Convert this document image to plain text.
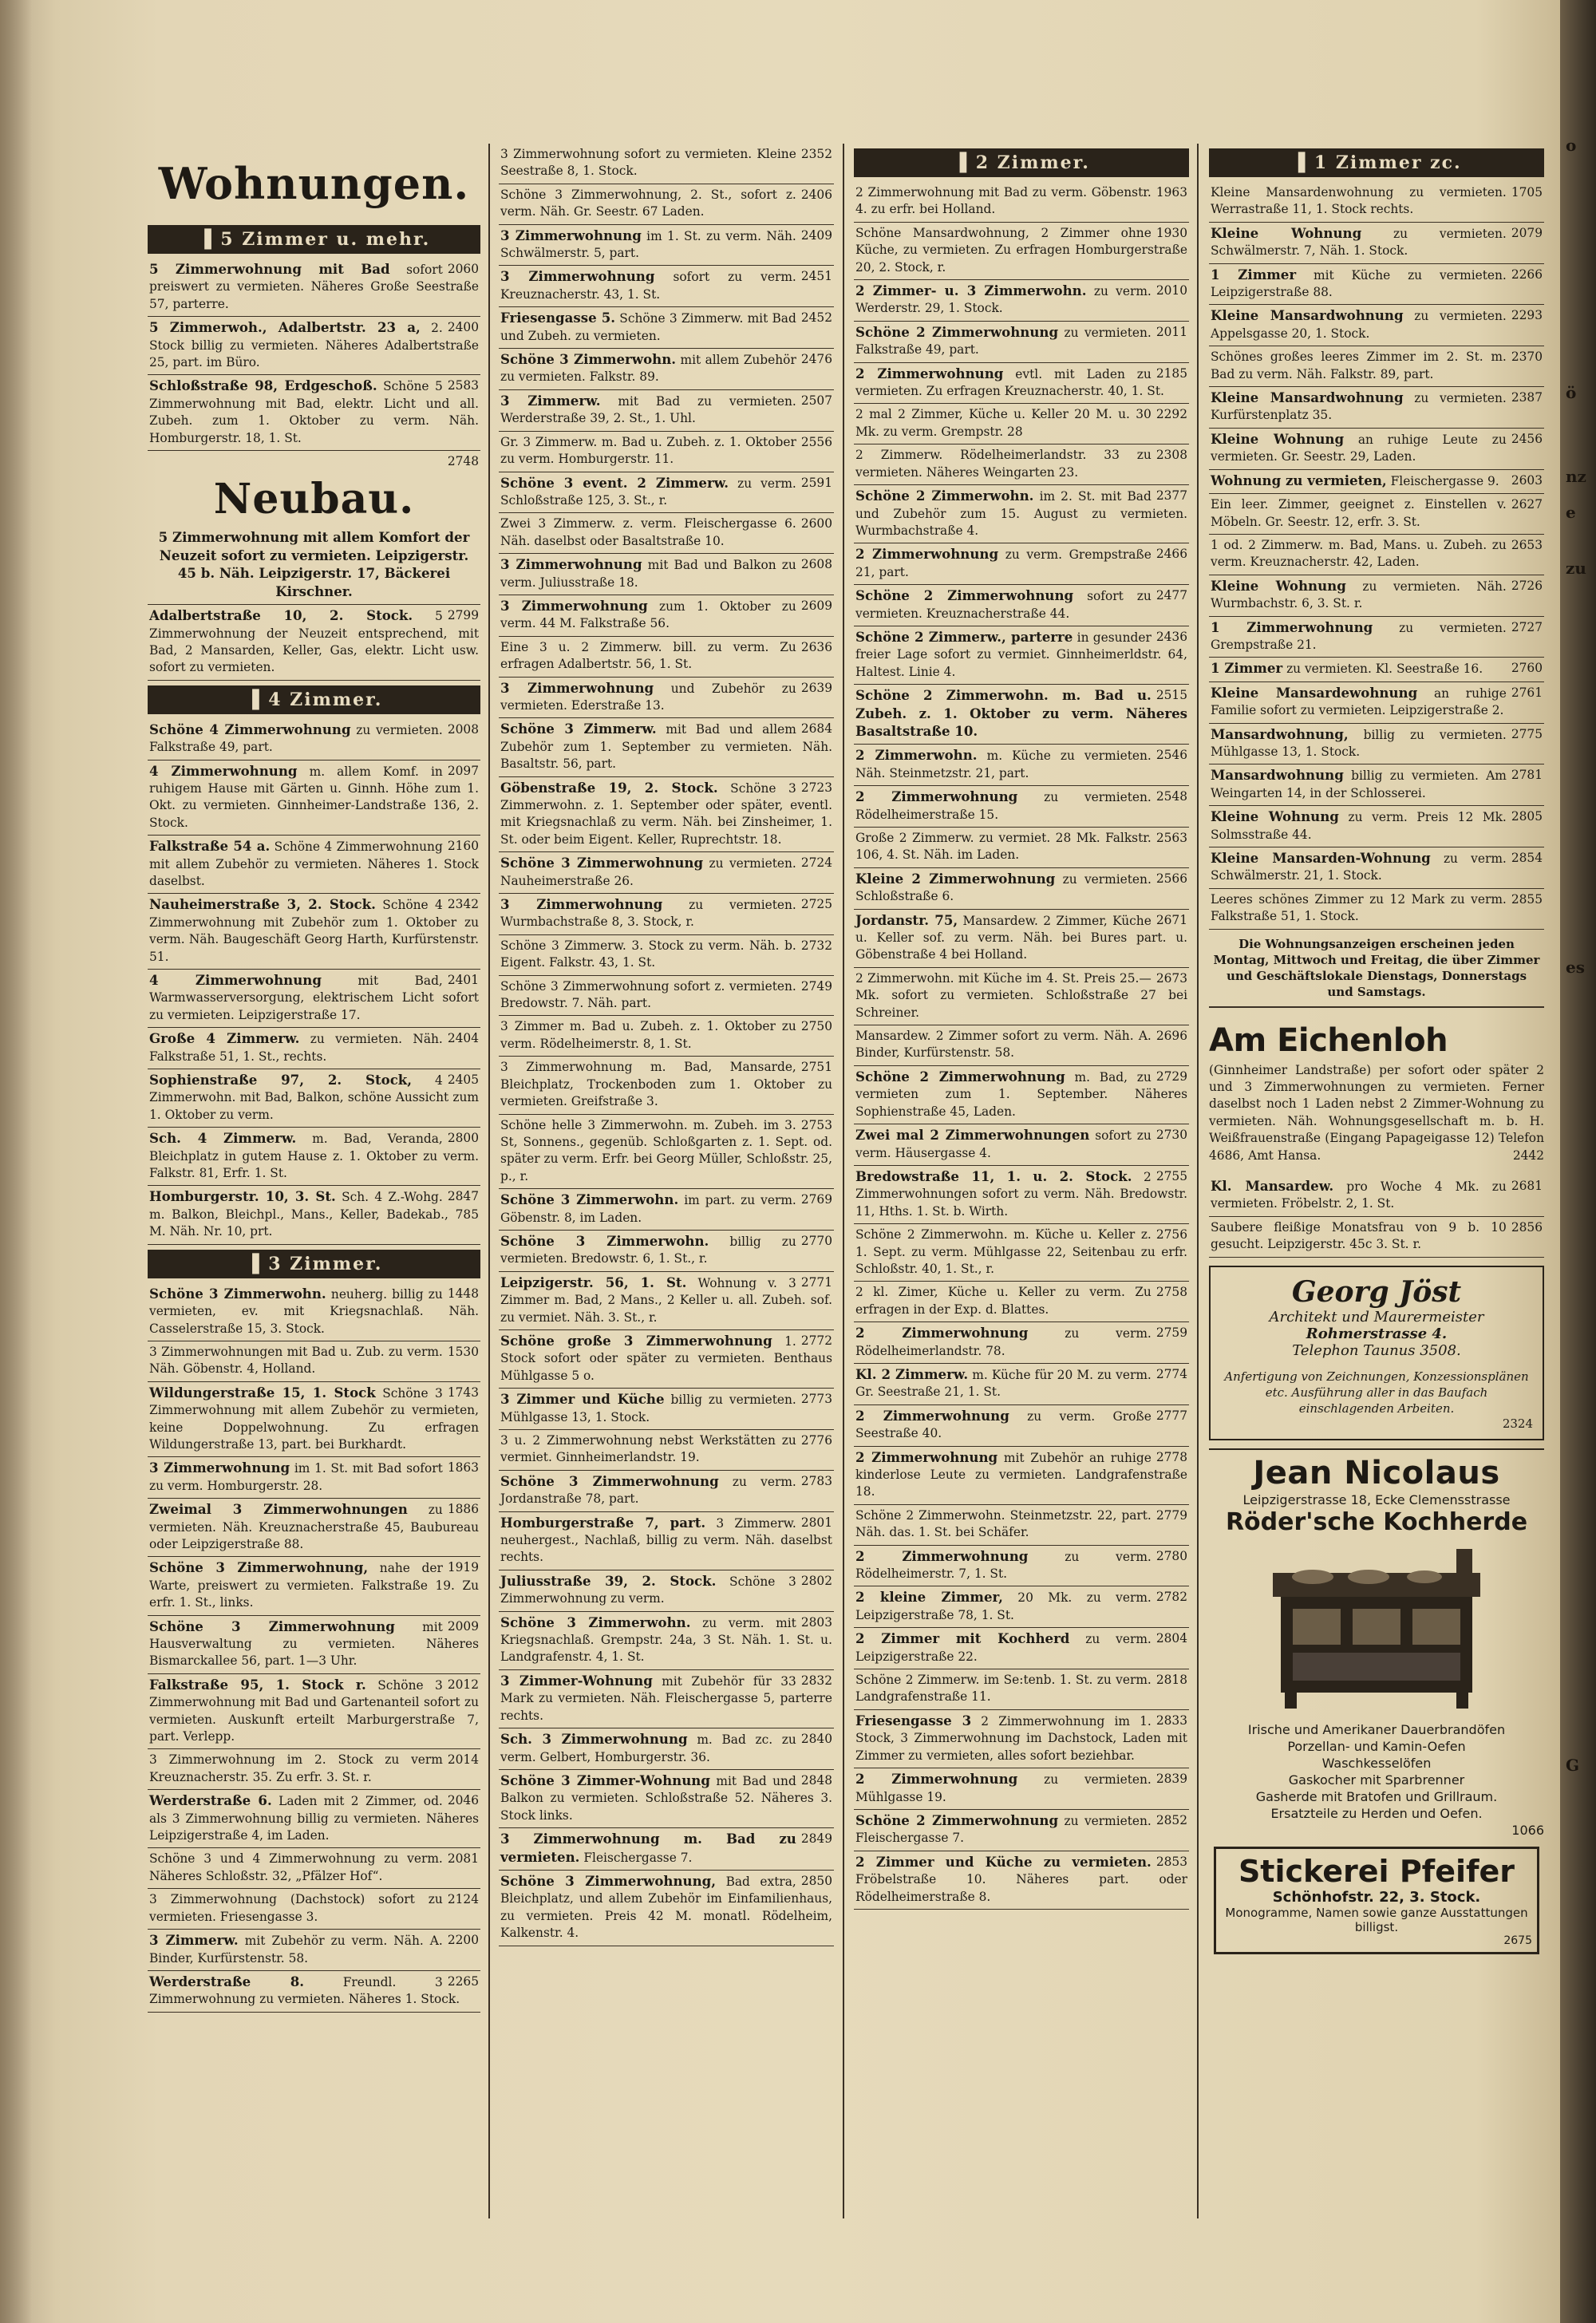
Wohnungen.
▐ 5 Zimmer u. mehr.
2060
5 Zimmerwohnung mit Bad sofort preiswert zu vermieten. Näheres Große Seestraße 57, parterre.
2400
5 Zimmerwoh., Adalbertstr. 23 a, 2. Stock billig zu vermieten. Näheres Adalbertstraße 25, part. im Büro.
2583
Schloßstraße 98, Erdgeschoß. Schöne 5 Zimmerwohnung mit Bad, elektr. Licht und all. Zubeh. zum 1. Oktober zu verm. Näh. Homburgerstr. 18, 1. St.
2748

Neubau.
5 Zimmerwohnung mit allem Komfort der Neuzeit sofort zu vermieten. Leipzigerstr. 45 b. Näh. Leipzigerstr. 17, Bäckerei Kirschner.
2799
Adalbertstraße 10, 2. Stock. 5 Zimmerwohnung der Neuzeit entsprechend, mit Bad, 2 Mansarden, Keller, Gas, elektr. Licht usw. sofort zu vermieten.
▐ 4 Zimmer.
2008
Schöne 4 Zimmerwohnung zu vermieten. Falkstraße 49, part.
2097
4 Zimmerwohnung m. allem Komf. in ruhigem Hause mit Gärten u. Ginnh. Höhe zum 1. Okt. zu vermieten. Ginnheimer-Landstraße 136, 2. Stock.
2160
Falkstraße 54 a. Schöne 4 Zimmerwohnung mit allem Zubehör zu vermieten. Näheres 1. Stock daselbst.
2342
Nauheimerstraße 3, 2. Stock. Schöne 4 Zimmerwohnung mit Zubehör zum 1. Oktober zu verm. Näh. Baugeschäft Georg Harth, Kurfürstenstr. 51.
2401
4 Zimmerwohnung	mit Bad, Warmwasserversorgung, elektrischem Licht sofort zu vermieten. Leipzigerstraße 17.
2404
Große 4 Zimmerw. zu vermieten. Näh. Falkstraße 51, 1. St., rechts.
2405
Sophienstraße 97, 2. Stock, 4 Zimmerwohn. mit Bad, Balkon, schöne Aussicht zum 1. Oktober zu verm.
2800
Sch. 4 Zimmerw. m. Bad, Veranda, Bleichplatz in gutem Hause z. 1. Oktober zu verm. Falkstr. 81, Erfr. 1. St.
2847
Homburgerstr. 10, 3. St. Sch. 4 Z.-Wohg. m. Balkon, Bleichpl., Mans., Keller, Badekab., 785 M. Näh. Nr. 10, prt.
▐ 3 Zimmer.
1448
Schöne 3 Zimmerwohn. neuherg. billig zu vermieten, ev. mit Kriegsnachlaß. Näh. Casselerstraße 15, 3. Stock.
1530
3 Zimmerwohnungen mit Bad u. Zub. zu verm. Näh. Göbenstr. 4, Holland.
1743
Wildungerstraße 15, 1. Stock Schöne 3 Zimmerwohnung mit allem Zubehör zu vermieten, keine Doppelwohnung. Zu erfragen Wildungerstraße 13, part. bei Burkhardt.
1863
3 Zimmerwohnung im 1. St. mit Bad sofort zu verm. Homburgerstr. 28.
1886
Zweimal 3 Zimmerwohnungen zu vermieten. Näh. Kreuznacherstraße 45, Baubureau oder Leipzigerstraße 88.
1919
Schöne 3 Zimmerwohnung, nahe der Warte, preiswert zu vermieten. Falkstraße 19. Zu erfr. 1. St., links.
2009
Schöne 3 Zimmerwohnung mit Hausverwaltung zu vermieten. Näheres Bismarckallee 56, part. 1—3 Uhr.
2012
Falkstraße 95, 1. Stock r. Schöne 3 Zimmerwohnung mit Bad und Gartenanteil sofort zu vermieten. Auskunft erteilt Marburgerstraße 7, part. Verlepp.
2014
3 Zimmerwohnung im 2. Stock zu verm Kreuznacherstr. 35. Zu erfr. 3. St. r.
2046
Werderstraße 6. Laden mit 2 Zimmer, od. als 3 Zimmerwohnung billig zu vermieten. Näheres Leipzigerstraße 4, im Laden.
2081
Schöne 3 und 4 Zimmerwohnung zu verm. Näheres Schloßstr. 32, „Pfälzer Hof“.
2124
3 Zimmerwohnung (Dachstock) sofort zu vermieten. Friesengasse 3.
2200
3 Zimmerw. mit Zubehör zu verm. Näh. A. Binder, Kurfürstenstr. 58.
2265
Werderstraße 8.	Freundl. 3 Zimmerwohnung zu vermieten. Näheres 1. Stock.
2352
3 Zimmerwohnung sofort zu vermieten. Kleine Seestraße 8, 1. Stock.
2406
Schöne 3 Zimmerwohnung, 2. St., sofort z. verm. Näh. Gr. Seestr. 67 Laden.
2409
3 Zimmerwohnung im 1. St. zu verm. Näh. Schwälmerstr. 5, part.
2451
3 Zimmerwohnung sofort zu verm. Kreuznacherstr. 43, 1. St.
2452
Friesengasse 5. Schöne 3 Zimmerw. mit Bad und Zubeh. zu vermieten.
2476
Schöne 3 Zimmerwohn. mit allem Zubehör zu vermieten. Falkstr. 89.
2507
3 Zimmerw. mit Bad zu vermieten. Werderstraße 39, 2. St., 1. Uhl.
2556
Gr. 3 Zimmerw. m. Bad u. Zubeh. z. 1. Oktober zu verm. Homburgerstr. 11.
2591
Schöne 3 event. 2 Zimmerw. zu verm. Schloßstraße 125, 3. St., r.
2600
Zwei 3 Zimmerw. z. verm. Fleischergasse 6. Näh. daselbst oder Basaltstraße 10.
2608
3 Zimmerwohnung mit Bad und Balkon zu verm. Juliusstraße 18.
2609
3 Zimmerwohnung zum 1. Oktober zu verm. 44 M. Falkstraße 56.
2636
Eine 3 u. 2 Zimmerw. bill. zu verm. Zu erfragen Adalbertstr. 56, 1. St.
2639
3 Zimmerwohnung und Zubehör zu vermieten. Ederstraße 13.
2684
Schöne 3 Zimmerw. mit Bad und allem Zubehör zum 1. September zu vermieten. Näh. Basaltstr. 56, part.
2723
Göbenstraße 19, 2. Stock. Schöne 3 Zimmerwohn. z. 1. September oder später, eventl. mit Kriegsnachlaß zu verm. Näh. bei Zinsheimer, 1. St. oder beim Eigent. Keller, Ruprechtstr. 18.
2724
Schöne 3 Zimmerwohnung zu vermieten. Nauheimerstraße 26.
2725
3 Zimmerwohnung zu vermieten. Wurmbachstraße 8, 3. Stock, r.
2732
Schöne 3 Zimmerw. 3. Stock zu verm. Näh. b. Eigent. Falkstr. 43, 1. St.
2749
Schöne 3 Zimmerwohnung sofort z. vermieten. Bredowstr. 7. Näh. part.
2750
3 Zimmer m. Bad u. Zubeh. z. 1. Oktober zu verm. Rödelheimerstr. 8, 1. St.
2751
3 Zimmerwohnung m. Bad, Mansarde, Bleichplatz, Trockenboden zum 1. Oktober zu vermieten. Greifstraße 3.
2753
Schöne helle 3 Zimmerwohn. m. Zubeh. im 3. St, Sonnens., gegenüb. Schloßgarten z. 1. Sept. od. später zu verm. Erfr. bei Georg Müller, Schloßstr. 25, p., r.
2769
Schöne 3 Zimmerwohn. im part. zu verm. Göbenstr. 8, im Laden.
2770
Schöne 3 Zimmerwohn. billig zu vermieten. Bredowstr. 6, 1. St., r.
2771
Leipzigerstr. 56, 1. St. Wohnung v. 3 Zimmer m. Bad, 2 Mans., 2 Keller u. all. Zubeh. sof. zu vermiet. Näh. 3. St., r.
2772
Schöne große 3 Zimmerwohnung 1. Stock sofort oder später zu vermieten. Benthaus Mühlgasse 5 o.
2773
3 Zimmer und Küche billig zu vermieten. Mühlgasse 13, 1. Stock.
2776
3 u. 2 Zimmerwohnung nebst Werkstätten zu vermiet. Ginnheimerlandstr. 19.
2783
Schöne 3 Zimmerwohnung zu verm. Jordanstraße 78, part.
2801
Homburgerstraße 7, part. 3 Zimmerw. neuhergest., Nachlaß, billig zu verm. Näh. daselbst rechts.
2802
Juliusstraße 39, 2. Stock. Schöne 3 Zimmerwohnung zu verm.
2803
Schöne 3 Zimmerwohn. zu verm. mit Kriegsnachlaß. Grempstr. 24a, 3 St. Näh. 1. St. u. Landgrafenstr. 4, 1. St.
2832
3 Zimmer-Wohnung mit Zubehör für 33 Mark zu vermieten. Näh. Fleischergasse 5, parterre rechts.
2840
Sch. 3 Zimmerwohnung m. Bad zc. zu verm. Gelbert, Homburgerstr. 36.
2848
Schöne 3 Zimmer-Wohnung mit Bad und Balkon zu vermieten. Schloßstraße 52. Näheres 3. Stock links.
2849
3 Zimmerwohnung m. Bad zu vermieten. Fleischergasse 7.
2850
Schöne 3 Zimmerwohnung, Bad extra, Bleichplatz, und allem Zubehör im Einfamilienhaus, zu vermieten. Preis 42 M. monatl. Rödelheim, Kalkenstr. 4.
▐ 2 Zimmer.
1963
2 Zimmerwohnung mit Bad zu verm. Göbenstr. 4. zu erfr. bei Holland.
1930
Schöne Mansardwohnung, 2 Zimmer ohne Küche, zu vermieten. Zu erfragen Homburgerstraße 20, 2. Stock, r.
2010
2 Zimmer- u. 3 Zimmerwohn. zu verm. Werderstr. 29, 1. Stock.
2011
Schöne 2 Zimmerwohnung zu vermieten. Falkstraße 49, part.
2185
2 Zimmerwohnung evtl. mit Laden zu vermieten. Zu erfragen Kreuznacherstr. 40, 1. St.
2292
2 mal 2 Zimmer, Küche u. Keller 20 M. u. 30 Mk. zu verm. Grempstr. 28
2308
2 Zimmerw. Rödelheimerlandstr. 33 zu vermieten. Näheres Weingarten 23.
2377
Schöne 2 Zimmerwohn. im 2. St. mit Bad und Zubehör zum 15. August zu vermieten. Wurmbachstraße 4.
2466
2 Zimmerwohnung zu verm. Grempstraße 21, part.
2477
Schöne 2 Zimmerwohnung sofort zu vermieten. Kreuznacherstraße 44.
2436
Schöne 2 Zimmerw., parterre in gesunder freier Lage sofort zu vermiet. Ginnheimerldstr. 64, Haltest. Linie 4.
2515
Schöne 2 Zimmerwohn. m. Bad u. Zubeh. z. 1. Oktober zu verm. Näheres Basaltstraße 10.
2546
2 Zimmerwohn. m. Küche zu vermieten. Näh. Steinmetzstr. 21, part.
2548
2 Zimmerwohnung zu vermieten. Rödelheimerstraße 15.
2563
Große 2 Zimmerw. zu vermiet. 28 Mk. Falkstr. 106, 4. St. Näh. im Laden.
2566
Kleine 2 Zimmerwohnung zu vermieten. Schloßstraße 6.
2671
Jordanstr. 75, Mansardew. 2 Zimmer, Küche u. Keller sof. zu verm. Näh. bei Bures part. u. Göbenstraße 4 bei Holland.
2673
2 Zimmerwohn. mit Küche im 4. St. Preis 25.— Mk. sofort zu vermieten. Schloßstraße 27 bei Schreiner.
2696
Mansardew. 2 Zimmer sofort zu verm. Näh. A. Binder, Kurfürstenstr. 58.
2729
Schöne 2 Zimmerwohnung m. Bad, zu vermieten zum 1. September. Näheres Sophienstraße 45, Laden.
2730
Zwei mal 2 Zimmerwohnungen sofort zu verm. Häusergasse 4.
2755
Bredowstraße 11, 1. u. 2. Stock. 2 Zimmerwohnungen sofort zu verm. Näh. Bredowstr. 11, Hths. 1. St. b. Wirth.
2756
Schöne 2 Zimmerwohn. m. Küche u. Keller z. 1. Sept. zu verm. Mühlgasse 22, Seitenbau zu erfr. Schloßstr. 40, 1. St., r.
2758
2 kl. Zimer, Küche u. Keller zu verm. Zu erfragen in der Exp. d. Blattes.
2759
2 Zimmerwohnung	zu verm. Rödelheimerlandstr. 78.
2774
Kl. 2 Zimmerw. m. Küche für 20 M. zu verm. Gr. Seestraße 21, 1. St.
2777
2 Zimmerwohnung zu verm. Große Seestraße 40.
2778
2 Zimmerwohnung mit Zubehör an ruhige kinderlose Leute zu vermieten. Landgrafenstraße 18.
2779
Schöne 2 Zimmerwohn. Steinmetzstr. 22, part. Näh. das. 1. St. bei Schäfer.
2780
2 Zimmerwohnung	zu verm. Rödelheimerstr. 7, 1. St.
2782
2 kleine Zimmer, 20 Mk. zu verm. Leipzigerstraße 78, 1. St.
2804
2 Zimmer mit Kochherd zu verm. Leipzigerstraße 22.
2818
Schöne 2 Zimmerw. im Se:tenb. 1. St. zu verm. Landgrafenstraße 11.
2833
Friesengasse 3 2 Zimmerwohnung im 1. Stock, 3 Zimmerwohnung im Dachstock, Laden mit Zimmer zu vermieten, alles sofort beziehbar.
2839
2 Zimmerwohnung zu vermieten. Mühlgasse 19.
2852
Schöne 2 Zimmerwohnung zu vermieten. Fleischergasse 7.
2853
2 Zimmer und Küche zu vermieten. Fröbelstraße 10. Näheres part. oder Rödelheimerstraße 8.
▐ 1 Zimmer zc.
1705
Kleine Mansardenwohnung zu vermieten. Werrastraße 11, 1. Stock rechts.
2079
Kleine Wohnung	zu vermieten. Schwälmerstr. 7, Näh. 1. Stock.
2266
1 Zimmer mit Küche zu vermieten. Leipzigerstraße 88.
2293
Kleine Mansardwohnung zu vermieten. Appelsgasse 20, 1. Stock.
2370
Schönes großes leeres Zimmer im 2. St. m. Bad zu verm. Näh. Falkstr. 89, part.
2387
Kleine Mansardwohnung zu vermieten. Kurfürstenplatz 35.
2456
Kleine Wohnung an ruhige Leute zu vermieten. Gr. Seestr. 29, Laden.
2603
Wohnung zu vermieten, Fleischergasse 9.
2627
Ein leer. Zimmer, geeignet z. Einstellen v. Möbeln. Gr. Seestr. 12, erfr. 3. St.
2653
1 od. 2 Zimmerw. m. Bad, Mans. u. Zubeh. zu verm. Kreuznacherstr. 42, Laden.
2726
Kleine Wohnung zu vermieten. Näh. Wurmbachstr. 6, 3. St. r.
2727
1 Zimmerwohnung zu vermieten. Grempstraße 21.
2760
1 Zimmer zu vermieten. Kl. Seestraße 16.
2761
Kleine Mansardewohnung an ruhige Familie sofort zu vermieten. Leipzigerstraße 2.
2775
Mansardwohnung, billig zu vermieten. Mühlgasse 13, 1. Stock.
2781
Mansardwohnung billig zu vermieten. Am Weingarten 14, in der Schlosserei.
2805
Kleine Wohnung zu verm. Preis 12 Mk. Solmsstraße 44.
2854
Kleine Mansarden-Wohnung zu verm. Schwälmerstr. 21, 1. Stock.
2855
Leeres schönes Zimmer zu 12 Mark zu verm. Falkstraße 51, 1. Stock.
Die Wohnungsanzeigen erscheinen jeden Montag, Mittwoch und Freitag, die über Zimmer und Geschäftslokale Dienstags, Donnerstags und Samstags.
Am Eichenloh
(Ginnheimer Landstraße) per sofort oder später 2 und 3 Zimmerwohnungen zu vermieten. Ferner daselbst noch 1 Laden nebst 2 Zimmer-Wohnung zu vermieten. Näh. Wohnungsgesellschaft m. b. H. Weißfrauenstraße (Eingang Papageigasse 12) Telefon 4686, Amt Hansa.	2442
2681
Kl. Mansardew. pro Woche 4 Mk. zu vermieten. Fröbelstr. 2, 1. St.
2856
Saubere fleißige Monatsfrau von 9 b. 10 gesucht. Leipzigerstr. 45c 3. St. r.
Georg Jöst
Architekt und Maurermeister
Rohmerstrasse 4.
Telephon Taunus 3508.
Anfertigung von Zeichnungen, Konzessionsplänen etc. Ausführung aller in das Baufach einschlagenden Arbeiten.
2324
Jean Nicolaus
Leipzigerstrasse 18, Ecke Clemensstrasse
Röder'sche Kochherde
Irische und Amerikaner Dauerbrandöfen
Porzellan- und Kamin-Oefen
Waschkesselöfen
Gaskocher mit Sparbrenner
Gasherde mit Bratofen und Grillraum.
Ersatzteile zu Herden und Oefen.
1066
Stickerei Pfeifer
Schönhofstr. 22, 3. Stock.
Monogramme, Namen sowie ganze Ausstattungen billigst.
2675
o
ö
nz
e
zu
es
G
